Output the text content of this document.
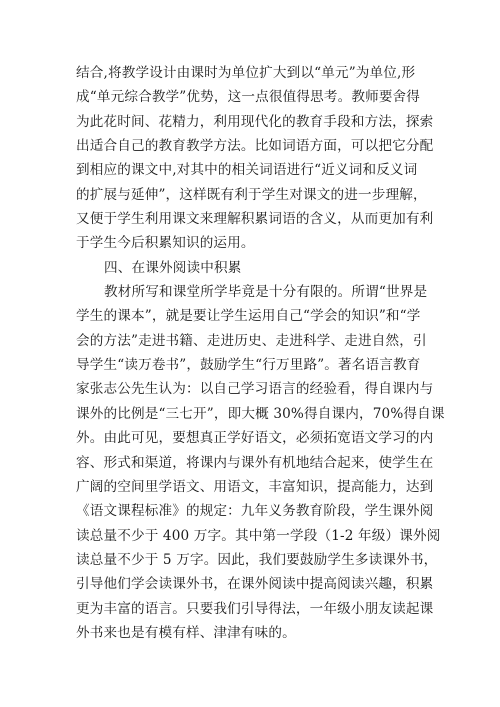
结合,将教学设计由课时为单位扩大到以“单元”为单位,形
成“单元综合教学”优势，这一点很值得思考。教师要舍得
为此花时间、花精力，利用现代化的教育手段和方法，探索
出适合自己的教育教学方法。比如词语方面，可以把它分配
到相应的课文中,对其中的相关词语进行“近义词和反义词
的扩展与延伸”，这样既有利于学生对课文的进一步理解，
又便于学生利用课文来理解积累词语的含义，从而更加有利
于学生今后积累知识的运用。
四、在课外阅读中积累
教材所写和课堂所学毕竟是十分有限的。所谓“世界是
学生的课本”，就是要让学生运用自己“学会的知识”和“学
会的方法”走进书籍、走进历史、走进科学、走进自然，引
导学生“读万卷书”，鼓励学生“行万里路”。著名语言教育
家张志公先生认为：以自己学习语言的经验看，得自课内与
课外的比例是“三七开”，即大概 30%得自课内，70%得自课
外。由此可见，要想真正学好语文，必须拓宽语文学习的内
容、形式和渠道，将课内与课外有机地结合起来，使学生在
广阔的空间里学语文、用语文，丰富知识，提高能力，达到
《语文课程标准》的规定：九年义务教育阶段，学生课外阅
读总量不少于 400 万字。其中第一学段（1-2 年级）课外阅
读总量不少于 5 万字。因此，我们要鼓励学生多读课外书，
引导他们学会读课外书，在课外阅读中提高阅读兴趣，积累
更为丰富的语言。只要我们引导得法，一年级小朋友读起课
外书来也是有模有样、津津有味的。
